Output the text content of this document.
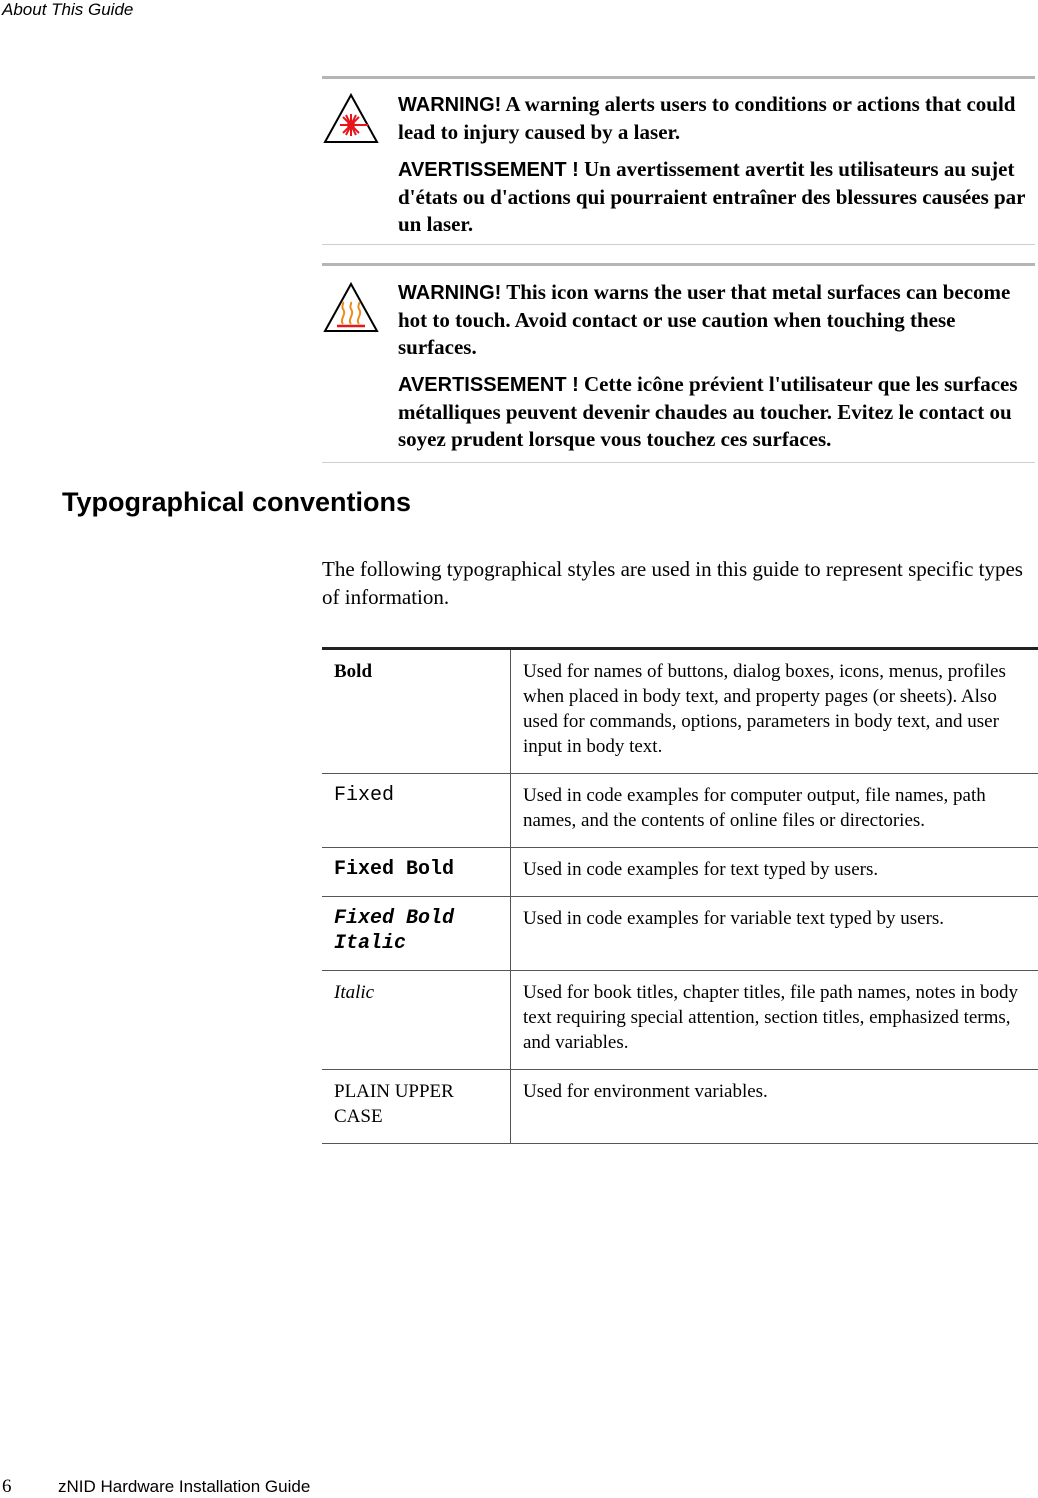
About This Guide

WARNING! A warning alerts users to conditions or actions that could lead to injury caused by a laser.

AVERTISSEMENT ! Un avertissement avertit les utilisateurs au sujet d'états ou d'actions qui pourraient entraîner des blessures causées par un laser.

WARNING! This icon warns the user that metal surfaces can become hot to touch. Avoid contact or use caution when touching these surfaces.

AVERTISSEMENT ! Cette icône prévient l'utilisateur que les surfaces métalliques peuvent devenir chaudes au toucher. Evitez le contact ou soyez prudent lorsque vous touchez ces surfaces.

Typographical conventions

The following typographical styles are used in this guide to represent specific types of information.

Bold	Used for names of buttons, dialog boxes, icons, menus, profiles when placed in body text, and property pages (or sheets). Also used for commands, options, parameters in body text, and user input in body text.
Fixed	Used in code examples for computer output, file names, path names, and the contents of online files or directories.
Fixed Bold	Used in code examples for text typed by users.
Fixed Bold Italic	Used in code examples for variable text typed by users.
Italic	Used for book titles, chapter titles, file path names, notes in body text requiring special attention, section titles, emphasized terms, and variables.
PLAIN UPPER CASE	Used for environment variables.
6	zNID Hardware Installation Guide
